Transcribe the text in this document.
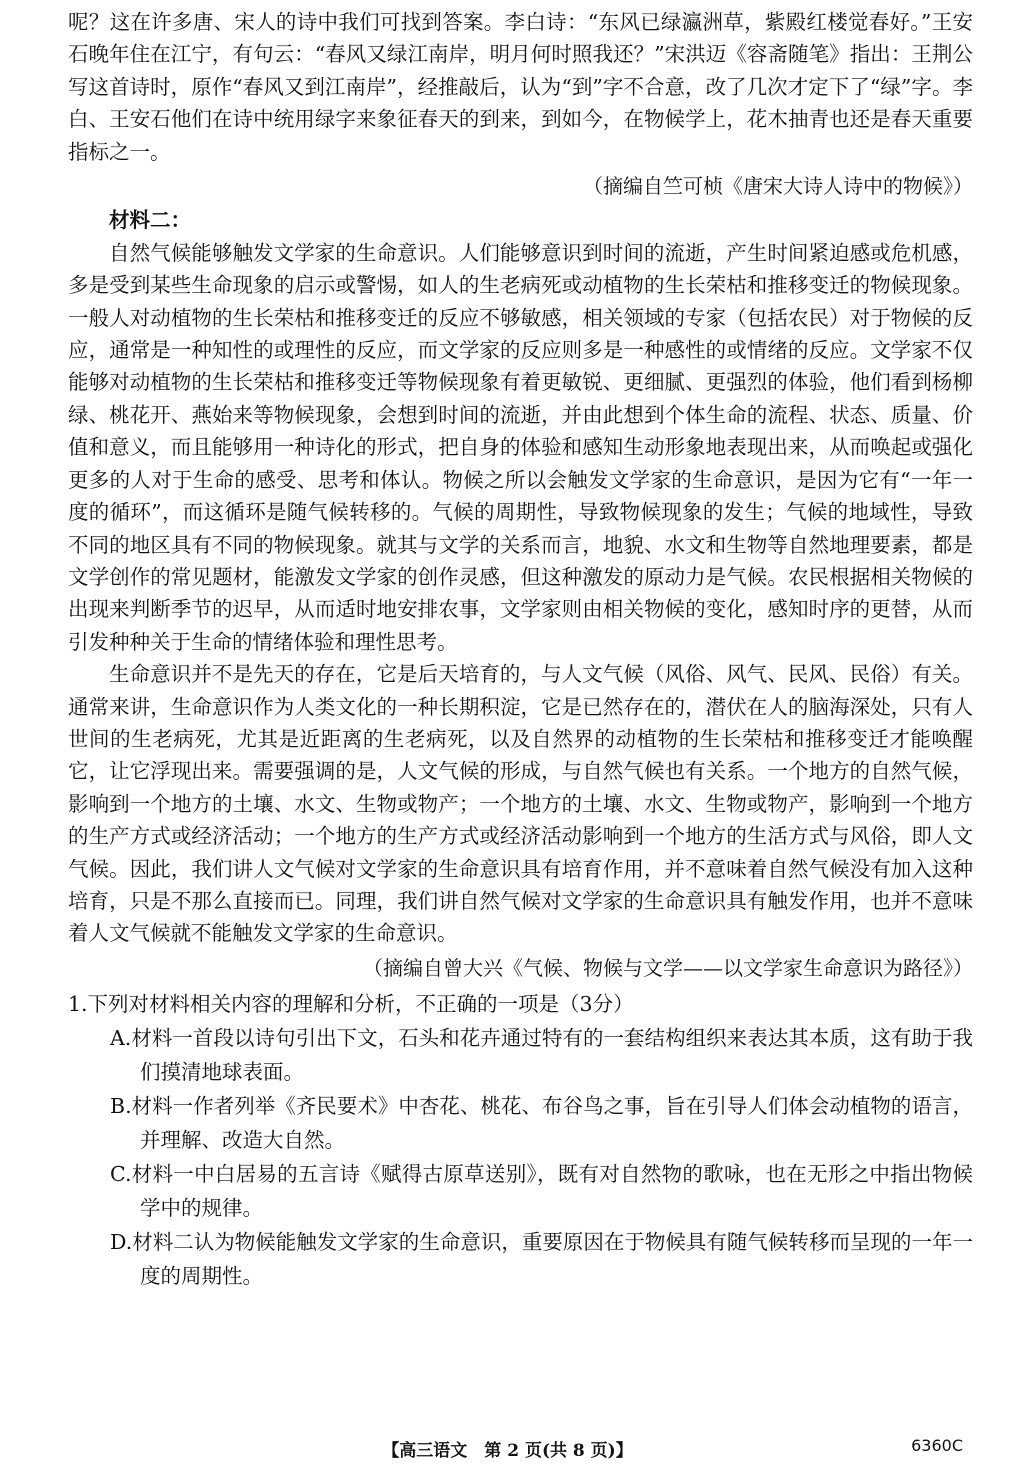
呢？这在许多唐、宋人的诗中我们可找到答案。李白诗：“东风已绿瀛洲草，紫殿红楼觉春好。”王安石晚年住在江宁，有句云：“春风又绿江南岸，明月何时照我还？”宋洪迈《容斋随笔》指出：王荆公写这首诗时，原作“春风又到江南岸”，经推敲后，认为“到”字不合意，改了几次才定下了“绿”字。李白、王安石他们在诗中统用绿字来象征春天的到来，到如今，在物候学上，花木抽青也还是春天重要指标之一。

（摘编自竺可桢《唐宋大诗人诗中的物候》）

材料二：

自然气候能够触发文学家的生命意识。人们能够意识到时间的流逝，产生时间紧迫感或危机感，多是受到某些生命现象的启示或警惕，如人的生老病死或动植物的生长荣枯和推移变迁的物候现象。一般人对动植物的生长荣枯和推移变迁的反应不够敏感，相关领域的专家（包括农民）对于物候的反应，通常是一种知性的或理性的反应，而文学家的反应则多是一种感性的或情绪的反应。文学家不仅能够对动植物的生长荣枯和推移变迁等物候现象有着更敏锐、更细腻、更强烈的体验，他们看到杨柳绿、桃花开、燕始来等物候现象，会想到时间的流逝，并由此想到个体生命的流程、状态、质量、价值和意义，而且能够用一种诗化的形式，把自身的体验和感知生动形象地表现出来，从而唤起或强化更多的人对于生命的感受、思考和体认。物候之所以会触发文学家的生命意识，是因为它有“一年一度的循环”，而这循环是随气候转移的。气候的周期性，导致物候现象的发生；气候的地域性，导致不同的地区具有不同的物候现象。就其与文学的关系而言，地貌、水文和生物等自然地理要素，都是文学创作的常见题材，能激发文学家的创作灵感，但这种激发的原动力是气候。农民根据相关物候的出现来判断季节的迟早，从而适时地安排农事，文学家则由相关物候的变化，感知时序的更替，从而引发种种关于生命的情绪体验和理性思考。

生命意识并不是先天的存在，它是后天培育的，与人文气候（风俗、风气、民风、民俗）有关。通常来讲，生命意识作为人类文化的一种长期积淀，它是已然存在的，潜伏在人的脑海深处，只有人世间的生老病死，尤其是近距离的生老病死，以及自然界的动植物的生长荣枯和推移变迁才能唤醒它，让它浮现出来。需要强调的是，人文气候的形成，与自然气候也有关系。一个地方的自然气候，影响到一个地方的土壤、水文、生物或物产；一个地方的土壤、水文、生物或物产，影响到一个地方的生产方式或经济活动；一个地方的生产方式或经济活动影响到一个地方的生活方式与风俗，即人文气候。因此，我们讲人文气候对文学家的生命意识具有培育作用，并不意味着自然气候没有加入这种培育，只是不那么直接而已。同理，我们讲自然气候对文学家的生命意识具有触发作用，也并不意味着人文气候就不能触发文学家的生命意识。

（摘编自曾大兴《气候、物候与文学——以文学家生命意识为路径》）

1.下列对材料相关内容的理解和分析，不正确的一项是（3分）

A.材料一首段以诗句引出下文，石头和花卉通过特有的一套结构组织来表达其本质，这有助于我们摸清地球表面。

B.材料一作者列举《齐民要术》中杏花、桃花、布谷鸟之事，旨在引导人们体会动植物的语言，并理解、改造大自然。

C.材料一中白居易的五言诗《赋得古原草送别》，既有对自然物的歌咏，也在无形之中指出物候学中的规律。

D.材料二认为物候能触发文学家的生命意识，重要原因在于物候具有随气候转移而呈现的一年一度的周期性。

【高三语文　第 2 页(共 8 页)】	6360C
